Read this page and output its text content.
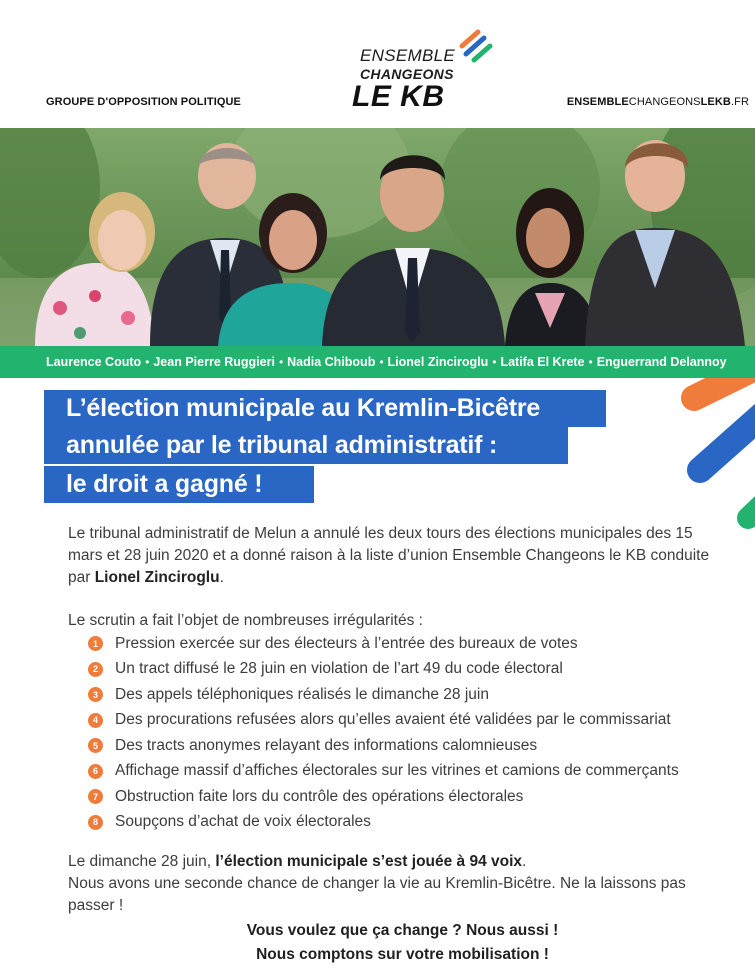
GROUPE D'OPPOSITION POLITIQUE
ENSEMBLE
CHANGEONS
LE KB	ENSEMBLECHANGEONSLEKB.FR
Laurence Couto • Jean Pierre Ruggieri • Nadia Chiboub • Lionel Zinciroglu • Latifa El Krete • Enguerrand Delannoy
L’élection municipale au Kremlin-Bicêtre
annulée par le tribunal administratif :
le droit a gagné !

Le tribunal administratif de Melun a annulé les deux tours des élections municipales des 15 mars et 28 juin 2020 et a donné raison à la liste d’union Ensemble Changeons le KB conduite par Lionel Zinciroglu.

Le scrutin a fait l’objet de nombreuses irrégularités :

1	Pression exercée sur des électeurs à l’entrée des bureaux de votes
2	Un tract diffusé le 28 juin en violation de l’art 49 du code électoral
3	Des appels téléphoniques réalisés le dimanche 28 juin
4	Des procurations refusées alors qu’elles avaient été validées par le commissariat
5	Des tracts anonymes relayant des informations calomnieuses
6	Affichage massif d’affiches électorales sur les vitrines et camions de commerçants
7	Obstruction faite lors du contrôle des opérations électorales
8	Soupçons d’achat de voix électorales

Le dimanche 28 juin, l’élection municipale s’est jouée à 94 voix.
Nous avons une seconde chance de changer la vie au Kremlin-Bicêtre. Ne la laissons pas passer !

Vous voulez que ça change ? Nous aussi !
Nous comptons sur votre mobilisation !
